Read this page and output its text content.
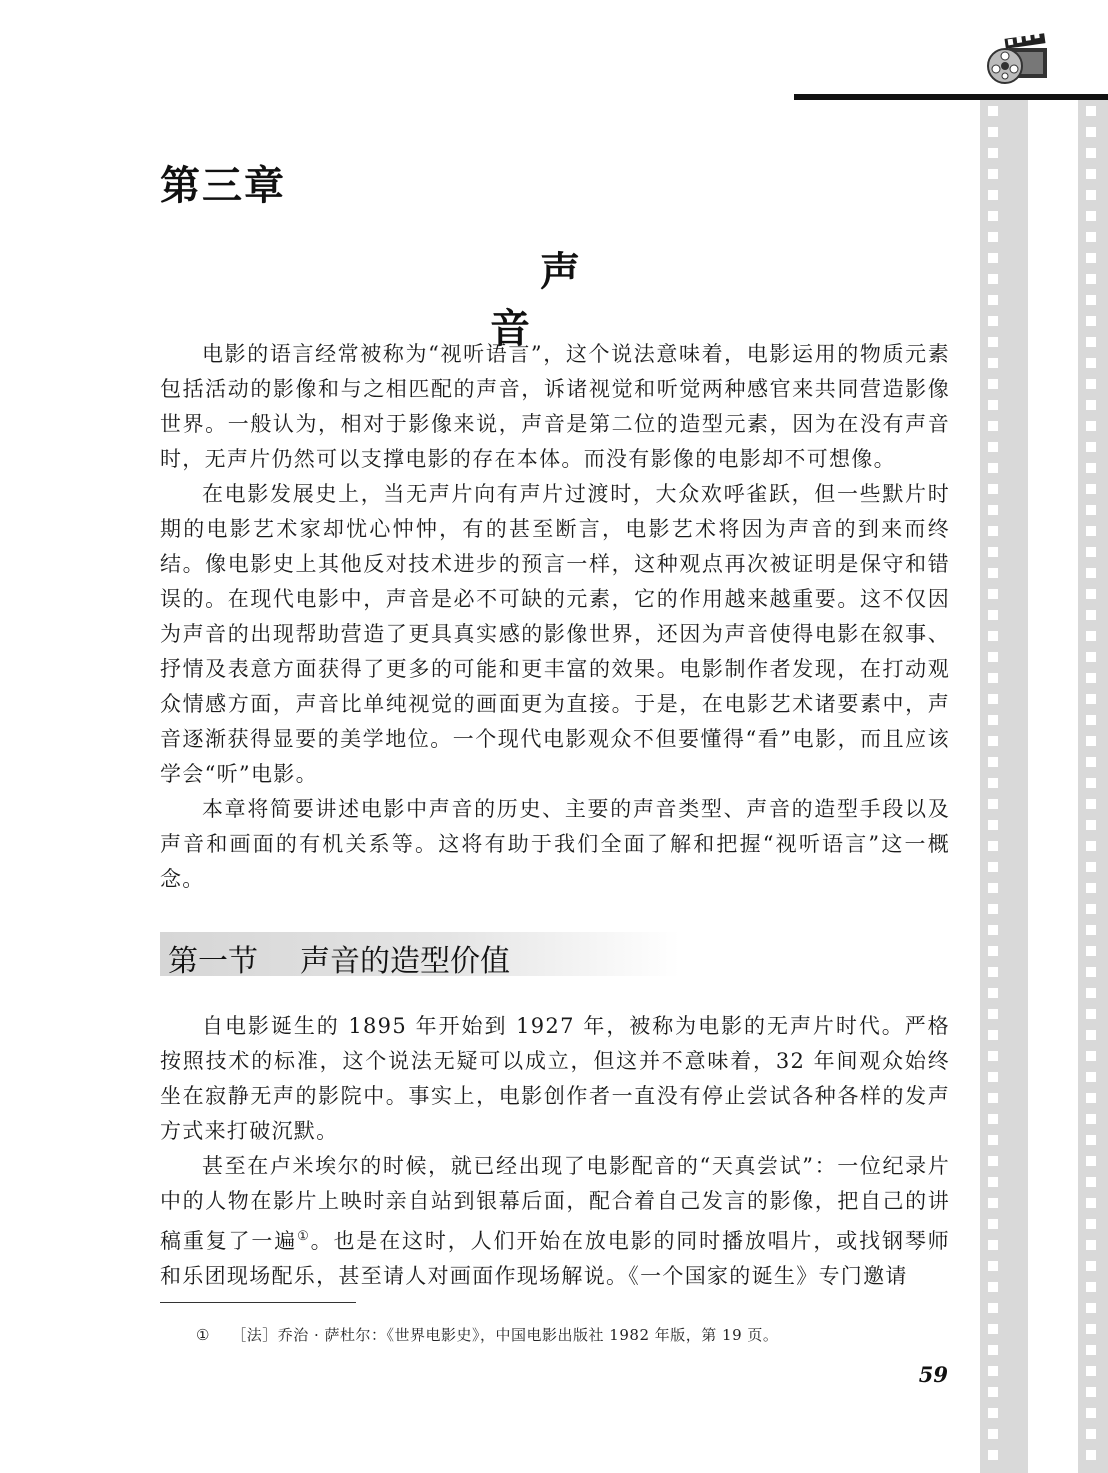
第三章
声音

电影的语言经常被称为“视听语言”，这个说法意味着，电影运用的物质元素包括活动的影像和与之相匹配的声音，诉诸视觉和听觉两种感官来共同营造影像世界。一般认为，相对于影像来说，声音是第二位的造型元素，因为在没有声音时，无声片仍然可以支撑电影的存在本体。而没有影像的电影却不可想像。

在电影发展史上，当无声片向有声片过渡时，大众欢呼雀跃，但一些默片时期的电影艺术家却忧心忡忡，有的甚至断言，电影艺术将因为声音的到来而终结。像电影史上其他反对技术进步的预言一样，这种观点再次被证明是保守和错误的。在现代电影中，声音是必不可缺的元素，它的作用越来越重要。这不仅因为声音的出现帮助营造了更具真实感的影像世界，还因为声音使得电影在叙事、抒情及表意方面获得了更多的可能和更丰富的效果。电影制作者发现，在打动观众情感方面，声音比单纯视觉的画面更为直接。于是，在电影艺术诸要素中，声音逐渐获得显要的美学地位。一个现代电影观众不但要懂得“看”电影，而且应该学会“听”电影。

本章将简要讲述电影中声音的历史、主要的声音类型、声音的造型手段以及声音和画面的有机关系等。这将有助于我们全面了解和把握“视听语言”这一概念。

第一节 声音的造型价值

自电影诞生的 1895 年开始到 1927 年，被称为电影的无声片时代。严格按照技术的标准，这个说法无疑可以成立，但这并不意味着，32 年间观众始终坐在寂静无声的影院中。事实上，电影创作者一直没有停止尝试各种各样的发声方式来打破沉默。

甚至在卢米埃尔的时候，就已经出现了电影配音的“天真尝试”：一位纪录片中的人物在影片上映时亲自站到银幕后面，配合着自己发言的影像，把自己的讲稿重复了一遍①。也是在这时，人们开始在放电影的同时播放唱片，或找钢琴师和乐团现场配乐，甚至请人对画面作现场解说。《一个国家的诞生》专门邀请

① ［法］乔治 · 萨杜尔：《世界电影史》，中国电影出版社 1982 年版，第 19 页。

59
